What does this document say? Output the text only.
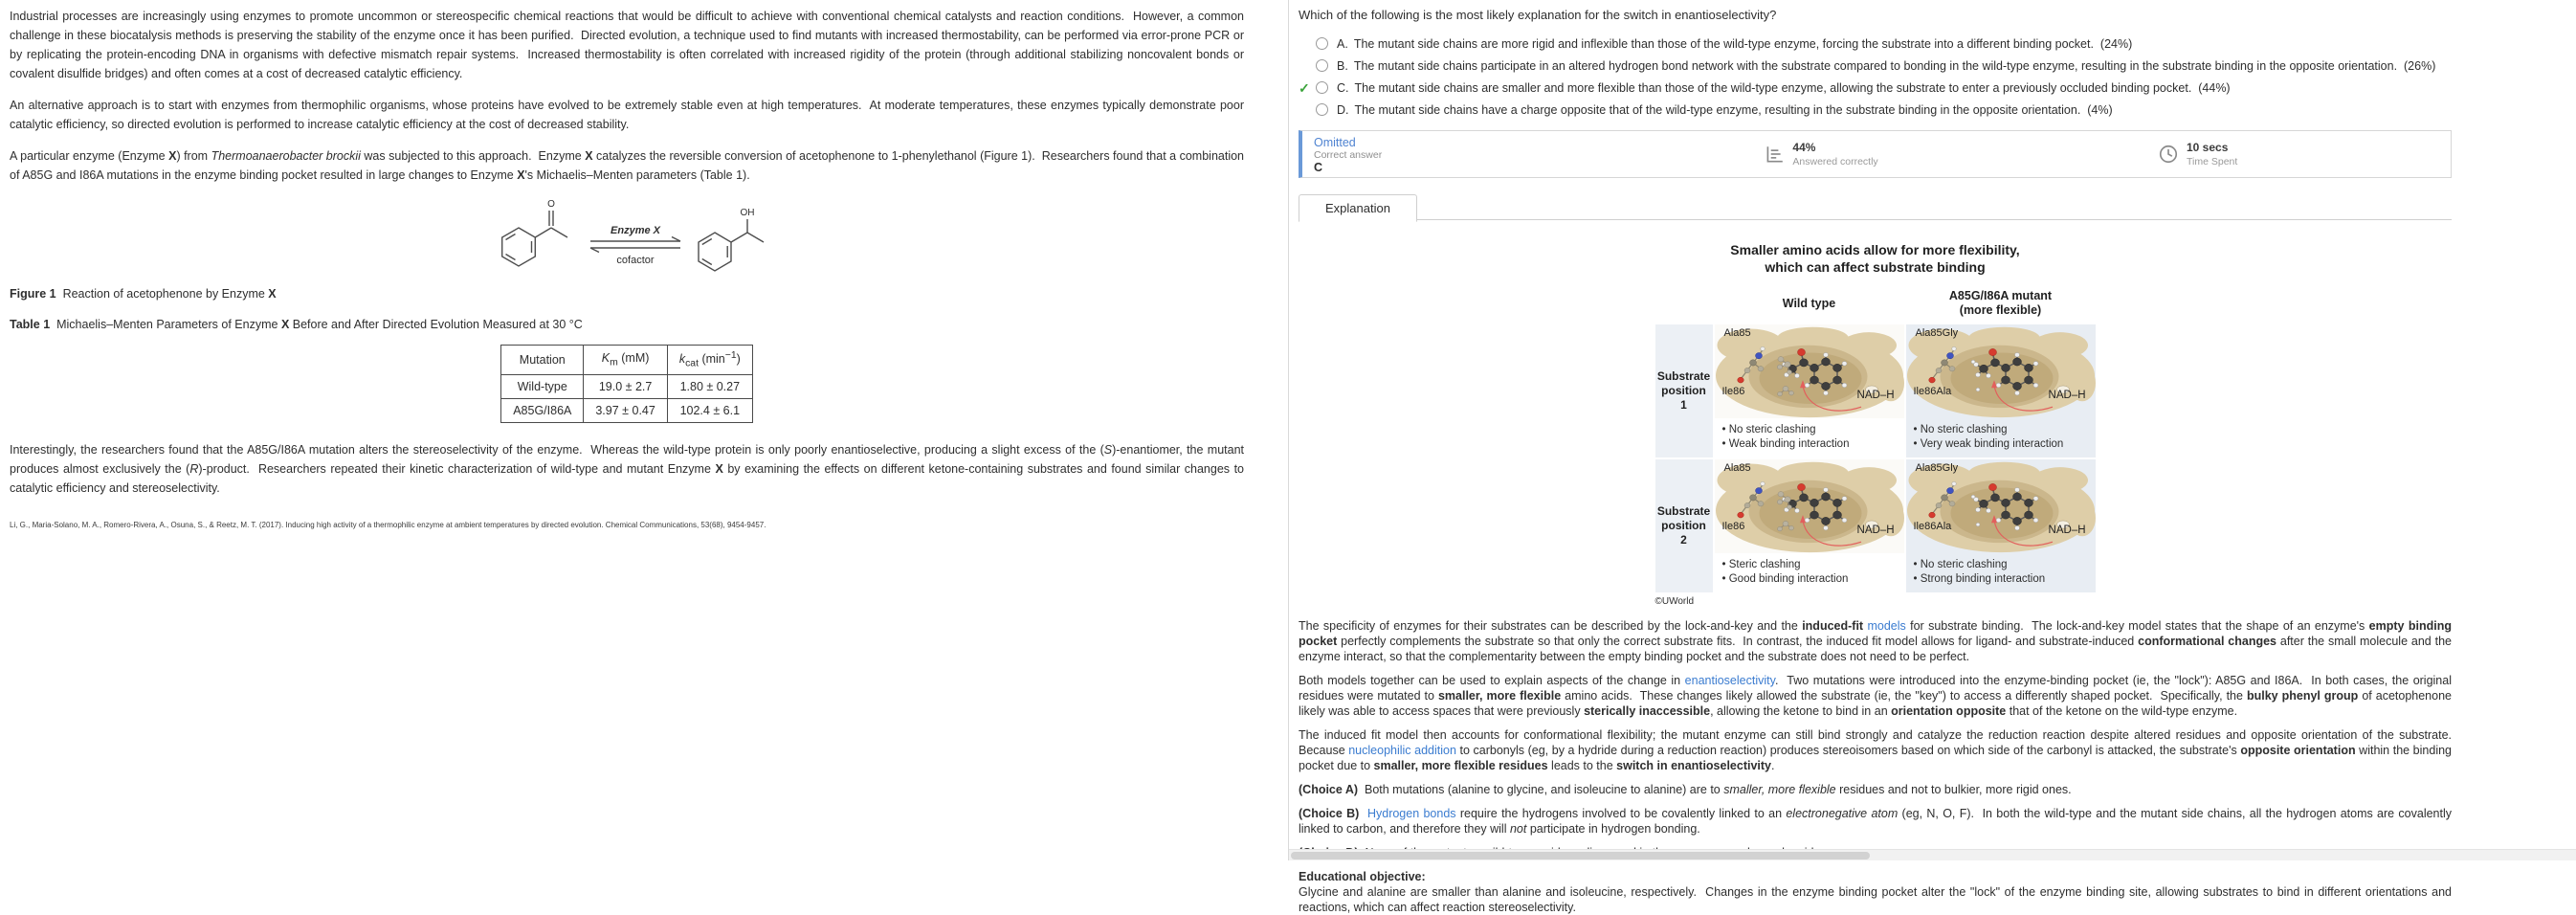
Industrial processes are increasingly using enzymes to promote uncommon or stereospecific chemical reactions that would be difficult to achieve with conventional chemical catalysts and reaction conditions.  However, a common challenge in these biocatalysis methods is preserving the stability of the enzyme once it has been purified.  Directed evolution, a technique used to find mutants with increased thermostability, can be performed via error-prone PCR or by replicating the protein-encoding DNA in organisms with defective mismatch repair systems.  Increased thermostability is often correlated with increased rigidity of the protein (through additional stabilizing noncovalent bonds or covalent disulfide bridges) and often comes at a cost of decreased catalytic efficiency.

An alternative approach is to start with enzymes from thermophilic organisms, whose proteins have evolved to be extremely stable even at high temperatures.  At moderate temperatures, these enzymes typically demonstrate poor catalytic efficiency, so directed evolution is performed to increase catalytic efficiency at the cost of decreased stability.

A particular enzyme (Enzyme X) from Thermoanaerobacter brockii was subjected to this approach.  Enzyme X catalyzes the reversible conversion of acetophenone to 1-phenylethanol (Figure 1).  Researchers found that a combination of A85G and I86A mutations in the enzyme binding pocket resulted in large changes to Enzyme X's Michaelis–Menten parameters (Table 1).

O
Enzyme X
cofactor
OH
Figure 1  Reaction of acetophenone by Enzyme X
Table 1  Michaelis–Menten Parameters of Enzyme X Before and After Directed Evolution Measured at 30 °C
Mutation	$K_m$ (mM)	$k_{cat}$ $(\min^{-1})$
Wild-type	19.0 ± 2.7	1.80 ± 0.27
A85G/I86A	3.97 ± 0.47	102.4 ± 6.1

Interestingly, the researchers found that the A85G/I86A mutation alters the stereoselectivity of the enzyme.  Whereas the wild-type protein is only poorly enantioselective, producing a slight excess of the (S)-enantiomer, the mutant produces almost exclusively the (R)-product.  Researchers repeated their kinetic characterization of wild-type and mutant Enzyme X by examining the effects on different ketone-containing substrates and found similar changes to catalytic efficiency and stereoselectivity.

Li, G., Maria-Solano, M. A., Romero-Rivera, A., Osuna, S., & Reetz, M. T. (2017). Inducing high activity of a thermophilic enzyme at ambient temperatures by directed evolution. Chemical Communications, 53(68), 9454-9457.
Which of the following is the most likely explanation for the switch in enantioselectivity?
A. The mutant side chains are more rigid and inflexible than those of the wild-type enzyme, forcing the substrate into a different binding pocket. (24%)
B. The mutant side chains participate in an altered hydrogen bond network with the substrate compared to bonding in the wild-type enzyme, resulting in the substrate binding in the opposite orientation. (26%)
✓	C. The mutant side chains are smaller and more flexible than those of the wild-type enzyme, allowing the substrate to enter a previously occluded binding pocket. (44%)
D. The mutant side chains have a charge opposite that of the wild-type enzyme, resulting in the substrate binding in the opposite orientation. (4%)
Omitted
Correct answer
C
44%
Answered correctly
10 secs
Time Spent
Explanation
Smaller amino acids allow for more flexibility,
which can affect substrate binding
Wild type
A85G/I86A mutant
(more flexible)
Substrate
position 1
Ala85
Ile86	NAD–H
• No steric clashing
• Weak binding interaction
Ala85Gly
Ile86Ala	NAD–H
• No steric clashing
• Very weak binding interaction
Substrate
position 2
Ala85
Ile86	NAD–H
• Steric clashing
• Good binding interaction
Ala85Gly
Ile86Ala	NAD–H
• No steric clashing
• Strong binding interaction
©UWorld

The specificity of enzymes for their substrates can be described by the lock-and-key and the induced-fit models for substrate binding.  The lock-and-key model states that the shape of an enzyme's empty binding pocket perfectly complements the substrate so that only the correct substrate fits.  In contrast, the induced fit model allows for ligand- and substrate-induced conformational changes after the small molecule and the enzyme interact, so that the complementarity between the empty binding pocket and the substrate does not need to be perfect.

Both models together can be used to explain aspects of the change in enantioselectivity.  Two mutations were introduced into the enzyme-binding pocket (ie, the "lock"): A85G and I86A.  In both cases, the original residues were mutated to smaller, more flexible amino acids.  These changes likely allowed the substrate (ie, the "key") to access a differently shaped pocket.  Specifically, the bulky phenyl group of acetophenone likely was able to access spaces that were previously sterically inaccessible, allowing the ketone to bind in an orientation opposite that of the ketone on the wild-type enzyme.

The induced fit model then accounts for conformational flexibility; the mutant enzyme can still bind strongly and catalyze the reduction reaction despite altered residues and opposite orientation of the substrate.  Because nucleophilic addition to carbonyls (eg, by a hydride during a reduction reaction) produces stereoisomers based on which side of the carbonyl is attacked, the substrate's opposite orientation within the binding pocket due to smaller, more flexible residues leads to the switch in enantioselectivity.

(Choice A)  Both mutations (alanine to glycine, and isoleucine to alanine) are to smaller, more flexible residues and not to bulkier, more rigid ones.

(Choice B) Hydrogen bonds require the hydrogens involved to be covalently linked to an electronegative atom (eg, N, O, F).  In both the wild-type and the mutant side chains, all the hydrogen atoms are covalently linked to carbon, and therefore they will not participate in hydrogen bonding.

Educational objective:
Glycine and alanine are smaller than alanine and isoleucine, respectively.  Changes in the enzyme binding pocket alter the "lock" of the enzyme binding site, allowing substrates to bind in different orientations and reactions, which can affect reaction stereoselectivity.
